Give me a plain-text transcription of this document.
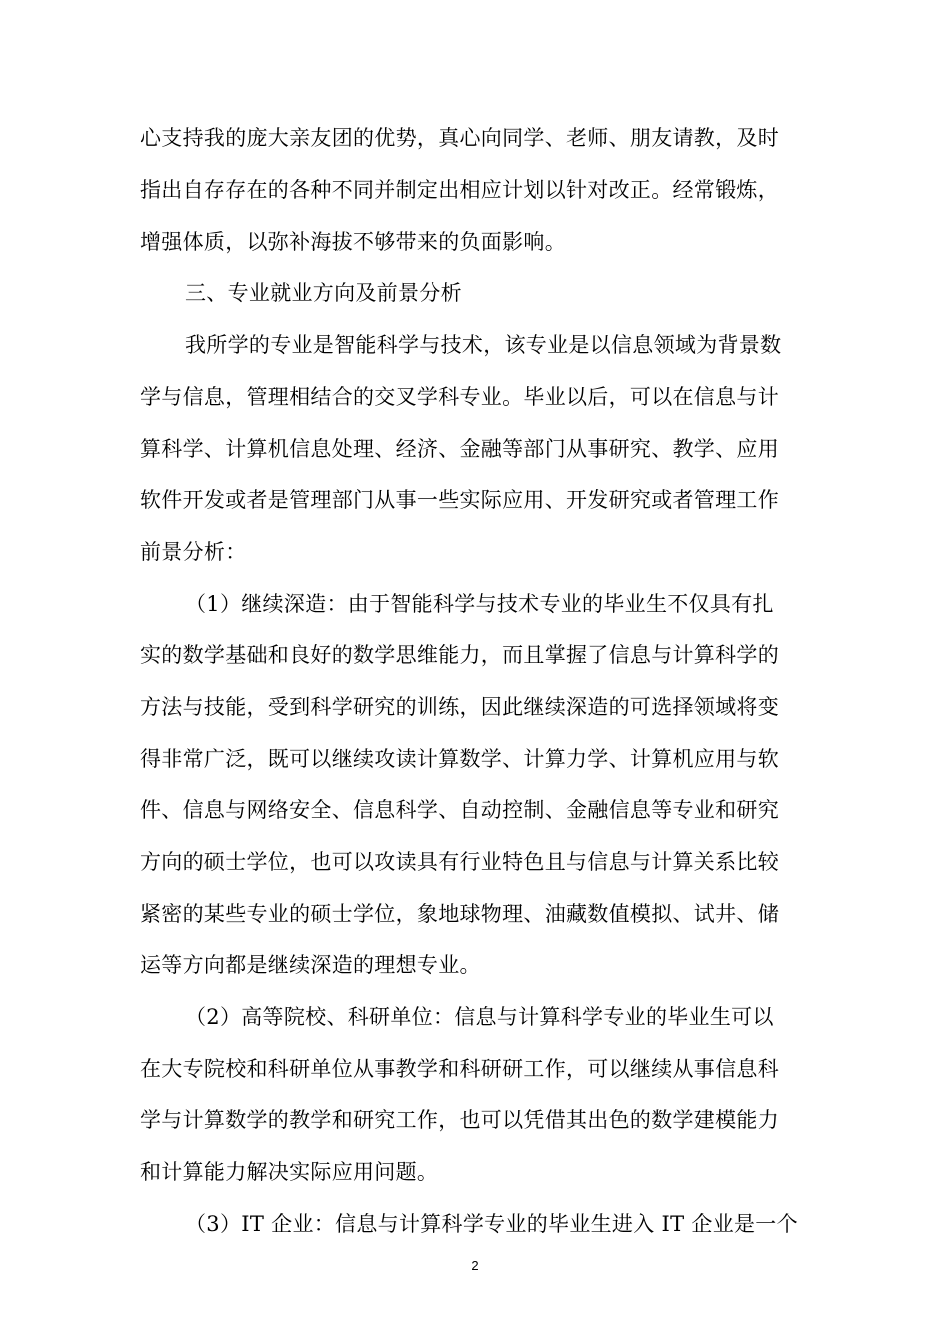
心支持我的庞大亲友团的优势，真心向同学、老师、朋友请教，及时
指出自存存在的各种不同并制定出相应计划以针对改正。经常锻炼，
增强体质，以弥补海拔不够带来的负面影响。
三、专业就业方向及前景分析
我所学的专业是智能科学与技术，该专业是以信息领域为背景数
学与信息，管理相结合的交叉学科专业。毕业以后，可以在信息与计
算科学、计算机信息处理、经济、金融等部门从事研究、教学、应用
软件开发或者是管理部门从事一些实际应用、开发研究或者管理工作
前景分析：
（1）继续深造：由于智能科学与技术专业的毕业生不仅具有扎
实的数学基础和良好的数学思维能力，而且掌握了信息与计算科学的
方法与技能，受到科学研究的训练，因此继续深造的可选择领域将变
得非常广泛，既可以继续攻读计算数学、计算力学、计算机应用与软
件、信息与网络安全、信息科学、自动控制、金融信息等专业和研究
方向的硕士学位，也可以攻读具有行业特色且与信息与计算关系比较
紧密的某些专业的硕士学位，象地球物理、油藏数值模拟、试井、储
运等方向都是继续深造的理想专业。
（2）高等院校、科研单位：信息与计算科学专业的毕业生可以
在大专院校和科研单位从事教学和科研研工作，可以继续从事信息科
学与计算数学的教学和研究工作，也可以凭借其出色的数学建模能力
和计算能力解决实际应用问题。
（3）IT 企业：信息与计算科学专业的毕业生进入 IT 企业是一个
2
